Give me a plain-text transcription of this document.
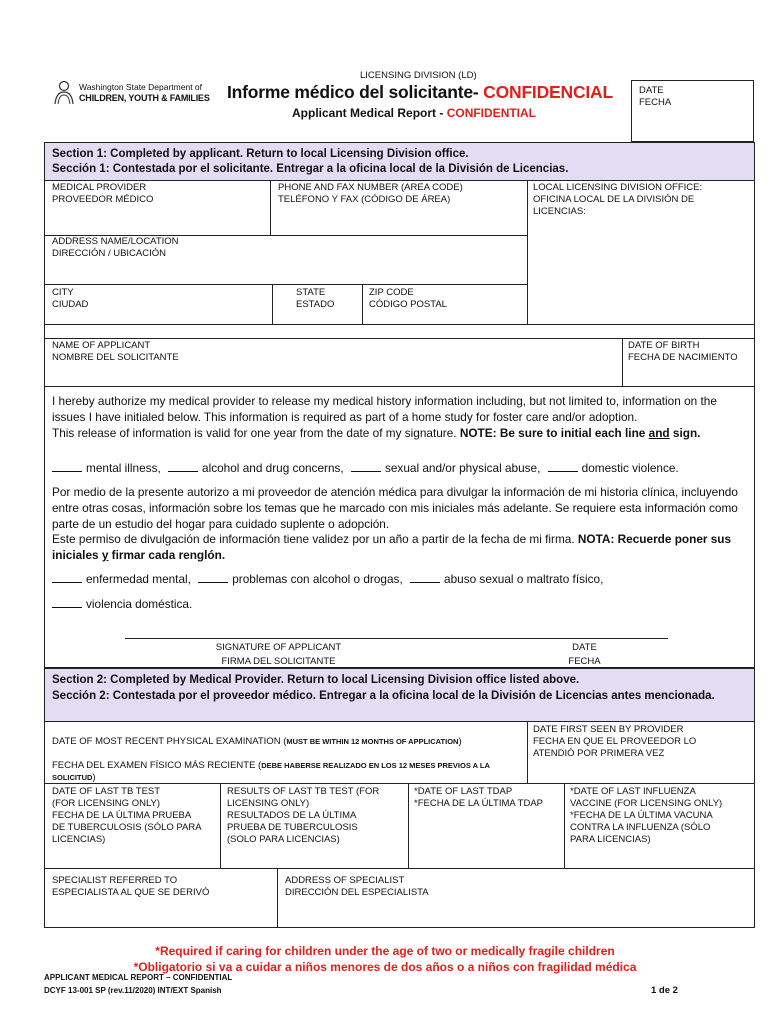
Washington State Department of
CHILDREN, YOUTH & FAMILIES
LICENSING DIVISION (LD)
Informe médico del solicitante- CONFIDENCIAL
Applicant Medical Report - CONFIDENTIAL
DATE
FECHA
Section 1: Completed by applicant. Return to local Licensing Division office.
Sección 1: Contestada por el solicitante. Entregar a la oficina local de la División de Licencias.
MEDICAL PROVIDER
PROVEEDOR MÉDICO
PHONE AND FAX NUMBER (AREA CODE)
TELÉFONO Y FAX (CÓDIGO DE ÁREA)
LOCAL LICENSING DIVISION OFFICE:
OFICINA LOCAL DE LA DIVISIÓN DE
LICENCIAS:
ADDRESS NAME/LOCATION
DIRECCIÓN / UBICACIÓN
CITY
CIUDAD
STATE
ESTADO
ZIP CODE
CÓDIGO POSTAL
NAME OF APPLICANT
NOMBRE DEL SOLICITANTE
DATE OF BIRTH
FECHA DE NACIMIENTO
I hereby authorize my medical provider to release my medical history information including, but not limited to, information on the issues I have initialed below. This information is required as part of a home study for foster care and/or adoption.
This release of information is valid for one year from the date of my signature. NOTE: Be sure to initial each line and sign.
mental illness,	alcohol and drug concerns,	sexual and/or physical abuse,	domestic violence.
Por medio de la presente autorizo a mi proveedor de atención médica para divulgar la información de mi historia clínica, incluyendo entre otras cosas, información sobre los temas que he marcado con mis iniciales más adelante. Se requiere esta información como parte de un estudio del hogar para cuidado suplente o adopción.
Este permiso de divulgación de información tiene validez por un año a partir de la fecha de mi firma. NOTA: Recuerde poner sus iniciales y firmar cada renglón.
enfermedad mental,	problemas con alcohol o drogas,	abuso sexual o maltrato físico,
violencia doméstica.
SIGNATURE OF APPLICANT
FIRMA DEL SOLICITANTE
DATE
FECHA
Section 2: Completed by Medical Provider. Return to local Licensing Division office listed above.
Sección 2: Contestada por el proveedor médico. Entregar a la oficina local de la División de Licencias antes mencionada.

DATE OF MOST RECENT PHYSICAL EXAMINATION (MUST BE WITHIN 12 MONTHS OF APPLICATION)

FECHA DEL EXAMEN FÍSICO MÁS RECIENTE (DEBE HABERSE REALIZADO EN LOS 12 MESES PREVIOS A LA SOLICITUD)

DATE FIRST SEEN BY PROVIDER
FECHA EN QUE EL PROVEEDOR LO
ATENDIÓ POR PRIMERA VEZ
DATE OF LAST TB TEST
(FOR LICENSING ONLY)
FECHA DE LA ÚLTIMA PRUEBA
DE TUBERCULOSIS (SÓLO PARA
LICENCIAS)
RESULTS OF LAST TB TEST (FOR
LICENSING ONLY)
RESULTADOS DE LA ÚLTIMA
PRUEBA DE TUBERCULOSIS
(SOLO PARA LICENCIAS)
*DATE OF LAST TDAP
*FECHA DE LA ÚLTIMA TDAP
*DATE OF LAST INFLUENZA
VACCINE (FOR LICENSING ONLY)
*FECHA DE LA ÚLTIMA VACUNA
CONTRA LA INFLUENZA (SÓLO
PARA LICENCIAS)
SPECIALIST REFERRED TO
ESPECIALISTA AL QUE SE DERIVÓ
ADDRESS OF SPECIALIST
DIRECCIÓN DEL ESPECIALISTA
*Required if caring for children under the age of two or medically fragile children
*Obligatorio si va a cuidar a niños menores de dos años o a niños con fragilidad médica
APPLICANT MEDICAL REPORT – CONFIDENTIAL
DCYF 13-001 SP (rev.11/2020) INT/EXT Spanish	1 de 2
